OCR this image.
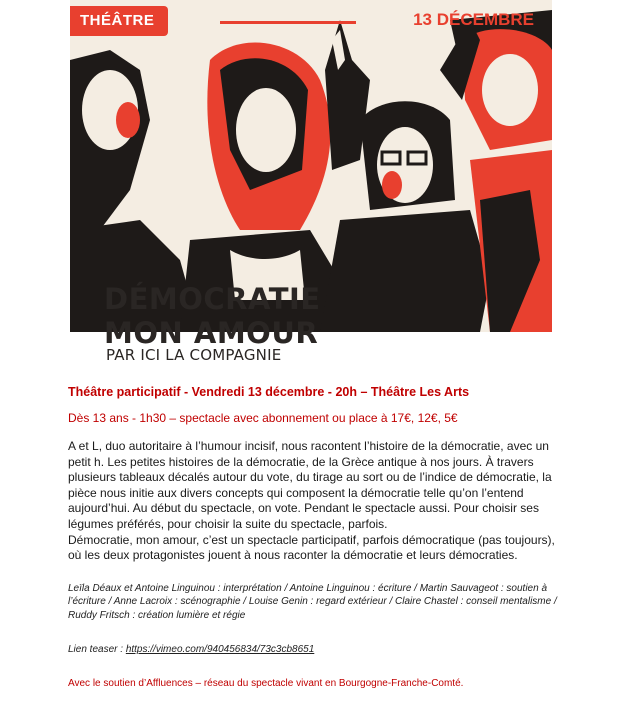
THÉÂTRE	13 DÉCEMBRE
DÉMOCRATIE
MON AMOUR
PAR ICI LA COMPAGNIE
Théâtre participatif - Vendredi 13 décembre - 20h – Théâtre Les Arts
Dès 13 ans - 1h30 – spectacle avec abonnement ou place à 17€, 12€, 5€

A et L, duo autoritaire à l’humour incisif, nous racontent l’histoire de la démocratie, avec un petit h. Les petites histoires de la démocratie, de la Grèce antique à nos jours. À travers plusieurs tableaux décalés autour du vote, du tirage au sort ou de l’indice de démocratie, la pièce nous initie aux divers concepts qui composent la démocratie telle qu’on l’entend aujourd’hui. Au début du spectacle, on vote. Pendant le spectacle aussi. Pour choisir ses légumes préférés, pour choisir la suite du spectacle, parfois.

Démocratie, mon amour, c’est un spectacle participatif, parfois démocratique (pas toujours), où les deux protagonistes jouent à nous raconter la démocratie et leurs démocraties.

Leïla Déaux et Antoine Linguinou : interprétation / Antoine Linguinou : écriture / Martin Sauvageot : soutien à l’écriture / Anne Lacroix : scénographie / Louise Genin : regard extérieur / Claire Chastel : conseil mentalisme / Ruddy Fritsch : création lumière et régie
Lien teaser : https://vimeo.com/940456834/73c3cb8651
Avec le soutien d’Affluences – réseau du spectacle vivant en Bourgogne-Franche-Comté.
